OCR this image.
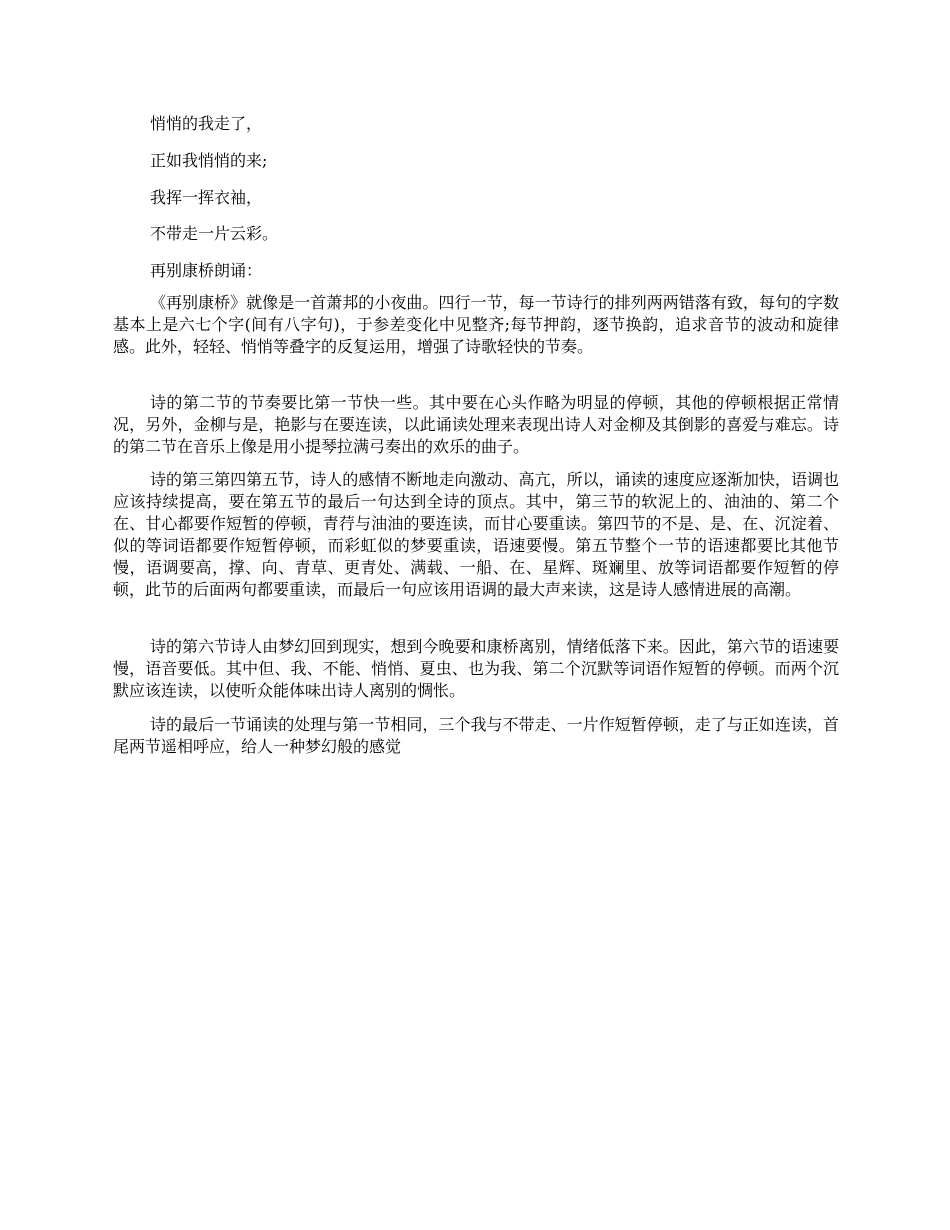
悄悄的我走了，

正如我悄悄的来;

我挥一挥衣袖，

不带走一片云彩。

再别康桥朗诵：

《再别康桥》就像是一首萧邦的小夜曲。四行一节，每一节诗行的排列两两错落有致，每句的字数基本上是六七个字(间有八字句)，于参差变化中见整齐;每节押韵，逐节换韵，追求音节的波动和旋律感。此外，轻轻、悄悄等叠字的反复运用，增强了诗歌轻快的节奏。

诗的第二节的节奏要比第一节快一些。其中要在心头作略为明显的停顿，其他的停顿根据正常情况，另外，金柳与是，艳影与在要连读，以此诵读处理来表现出诗人对金柳及其倒影的喜爱与难忘。诗的第二节在音乐上像是用小提琴拉满弓奏出的欢乐的曲子。

诗的第三第四第五节，诗人的感情不断地走向激动、高亢，所以，诵读的速度应逐渐加快，语调也应该持续提高，要在第五节的最后一句达到全诗的顶点。其中，第三节的软泥上的、油油的、第二个在、甘心都要作短暂的停顿，青荇与油油的要连读，而甘心要重读。第四节的不是、是、在、沉淀着、似的等词语都要作短暂停顿，而彩虹似的梦要重读，语速要慢。第五节整个一节的语速都要比其他节慢，语调要高，撑、向、青草、更青处、满载、一船、在、星辉、斑斓里、放等词语都要作短暂的停顿，此节的后面两句都要重读，而最后一句应该用语调的最大声来读，这是诗人感情进展的高潮。

诗的第六节诗人由梦幻回到现实，想到今晚要和康桥离别，情绪低落下来。因此，第六节的语速要慢，语音要低。其中但、我、不能、悄悄、夏虫、也为我、第二个沉默等词语作短暂的停顿。而两个沉默应该连读，以使听众能体味出诗人离别的惆怅。

诗的最后一节诵读的处理与第一节相同，三个我与不带走、一片作短暂停顿，走了与正如连读，首尾两节遥相呼应，给人一种梦幻般的感觉
